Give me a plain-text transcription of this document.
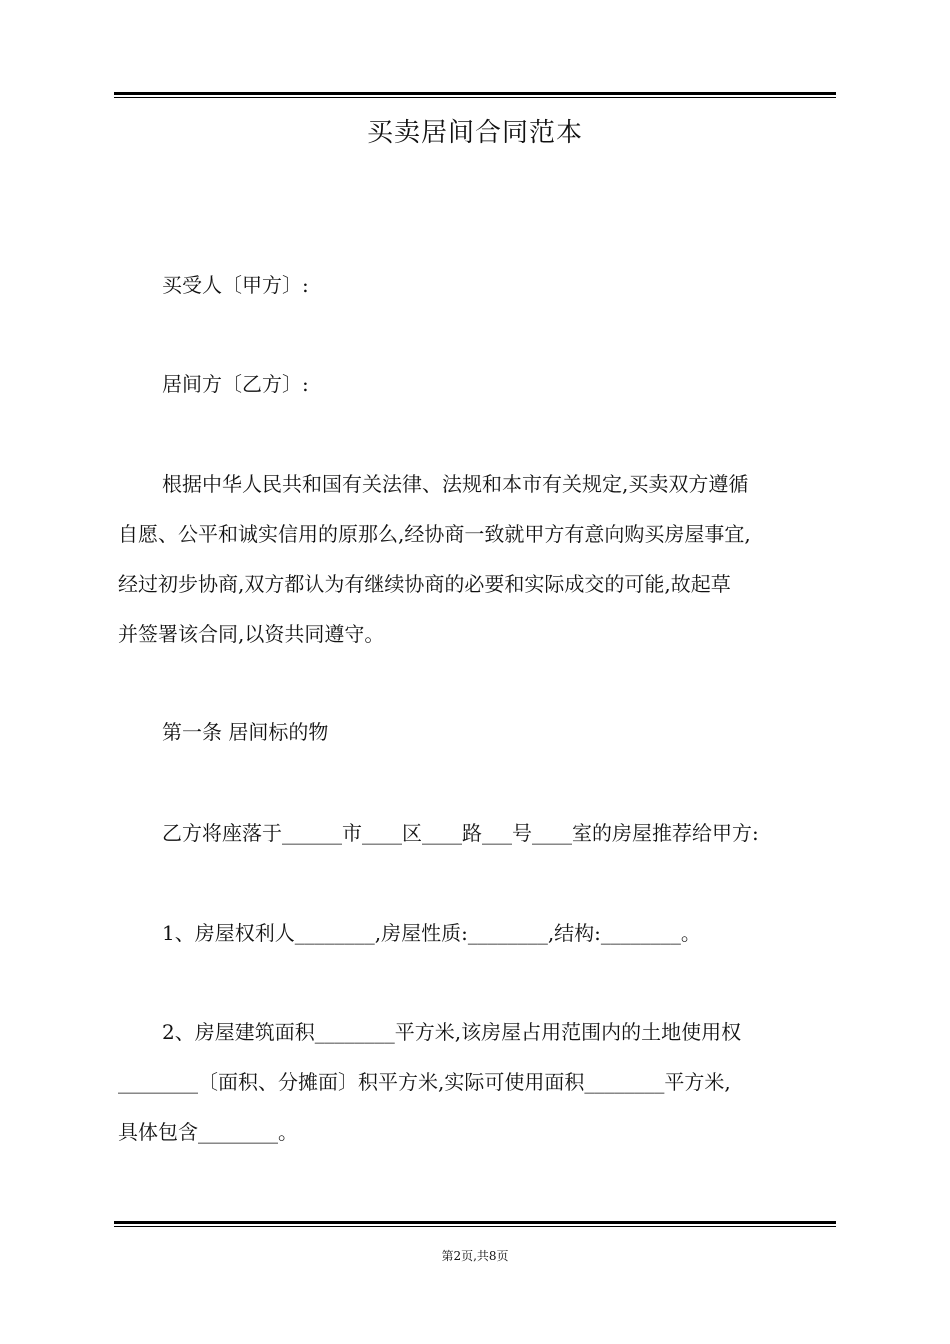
买卖居间合同范本
买受人〔甲方〕:
居间方〔乙方〕:
根据中华人民共和国有关法律、法规和本市有关规定,买卖双方遵循
自愿、公平和诚实信用的原那么,经协商一致就甲方有意向购买房屋事宜,
经过初步协商,双方都认为有继续协商的必要和实际成交的可能,故起草
并签署该合同,以资共同遵守。
第一条 居间标的物
乙方将座落于______市____区____路___号____室的房屋推荐给甲方:
1、房屋权利人________,房屋性质:________,结构:________。
2、房屋建筑面积________平方米,该房屋占用范围内的土地使用权
________〔面积、分摊面〕积平方米,实际可使用面积________平方米,
具体包含________。
第2页,共8页
